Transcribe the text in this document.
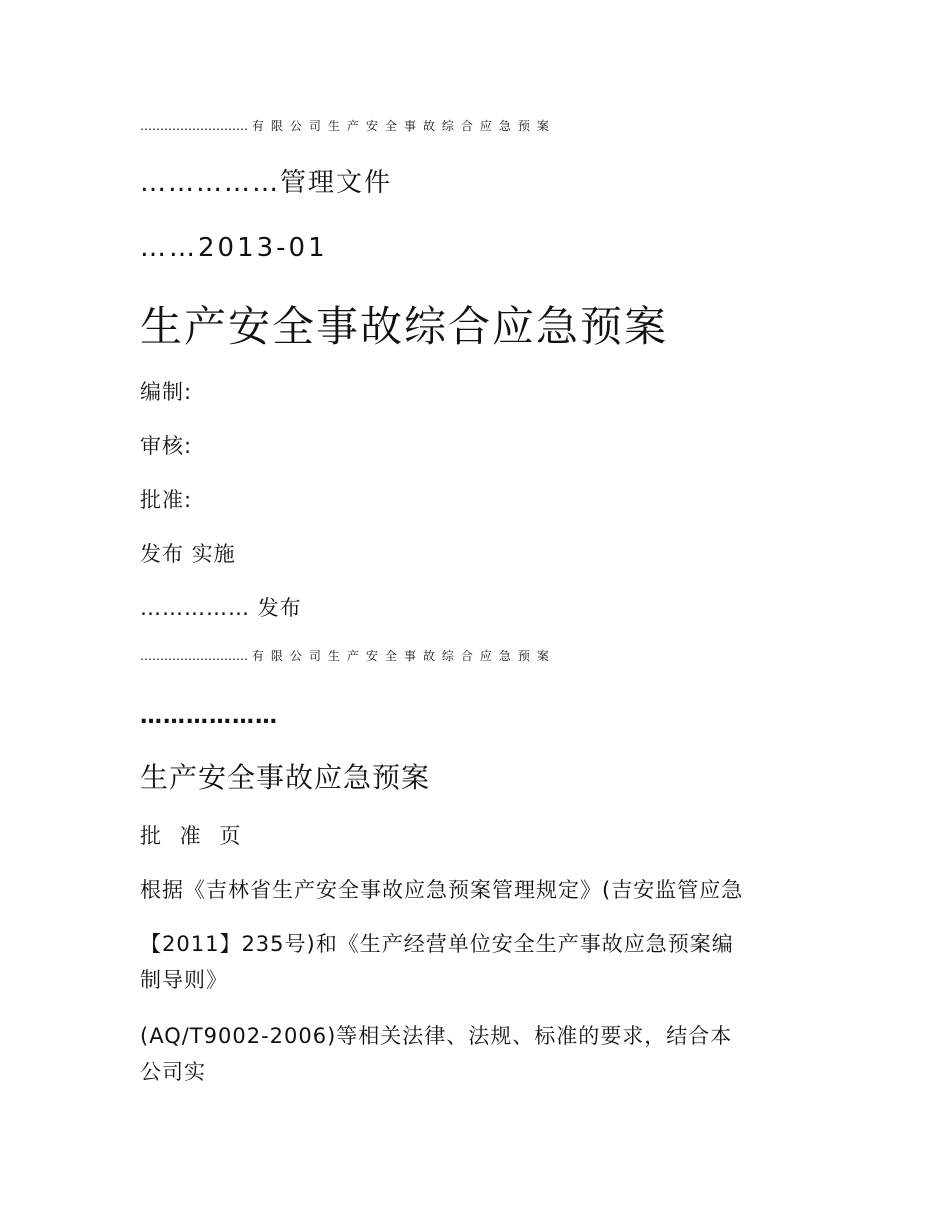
……………………… 有限公司生产安全事故综合应急预案
……………管理文件
……2013-01
生产安全事故综合应急预案
编制:
审核:
批准:
发布 实施
…………… 发布
……………………… 有限公司生产安全事故综合应急预案
………………
生产安全事故应急预案
批 准 页
根据《吉林省生产安全事故应急预案管理规定》(吉安监管应急
【2011】235号)和《生产经营单位安全生产事故应急预案编
制导则》
(AQ/T9002-2006)等相关法律、法规、标准的要求，结合本
公司实
